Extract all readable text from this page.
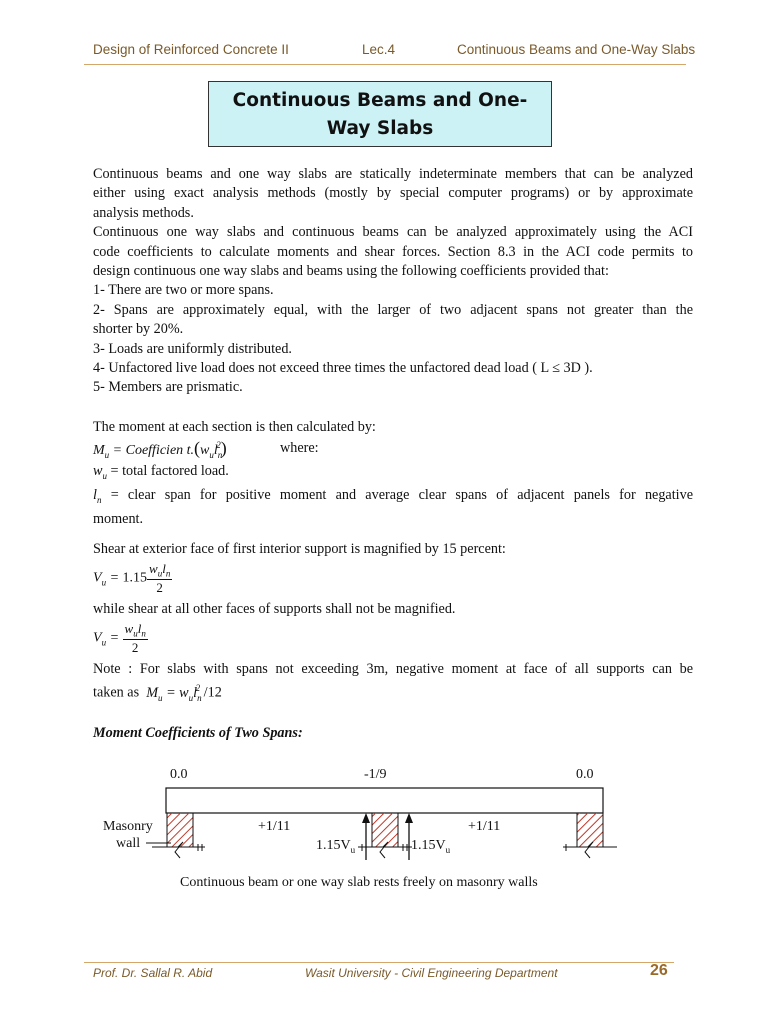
Design of Reinforced Concrete II	Lec.4	Continuous Beams and One-Way Slabs
Continuous Beams and One-
Way Slabs
Continuous beams and one way slabs are statically indeterminate members that can be analyzed
either using exact analysis methods (mostly by special computer programs) or by approximate
analysis methods.
Continuous one way slabs and continuous beams can be analyzed approximately using the ACI
code coefficients to calculate moments and shear forces. Section 8.3 in the ACI code permits to
design continuous one way slabs and beams using the following coefficients provided that:
1- There are two or more spans.
2- Spans are approximately equal, with the larger of two adjacent spans not greater than the
shorter by 20%.
3- Loads are uniformly distributed.
4- Unfactored live load does not exceed three times the unfactored dead load ( L ≤ 3D ).
5- Members are prismatic.
The moment at each section is then calculated by:
$M_u$ = Coefficien $t.(w_ul_n^2)$	where:
$w_u$ = total factored load.
$l_n$ = clear span for positive moment and average clear spans of adjacent panels for negative
moment.
Shear at exterior face of first interior support is magnified by 15 percent:
$V_u = 1.15 \frac{w_ul_n}{2}$
while shear at all other faces of supports shall not be magnified.
$V_u = \frac{w_ul_n}{2}$
Note : For slabs with spans not exceeding 3m, negative moment at face of all supports can be
taken as $M_u = w_ul_n^2$ /12
Moment Coefficients of Two Spans:
0.0	-1/9	0.0
Masonry
wall
+1/11	+1/11
$1.15V_u$	$1.15V_u$
Continuous beam or one way slab rests freely on masonry walls
Prof. Dr. Sallal R. Abid	Wasit University - Civil Engineering Department	26
